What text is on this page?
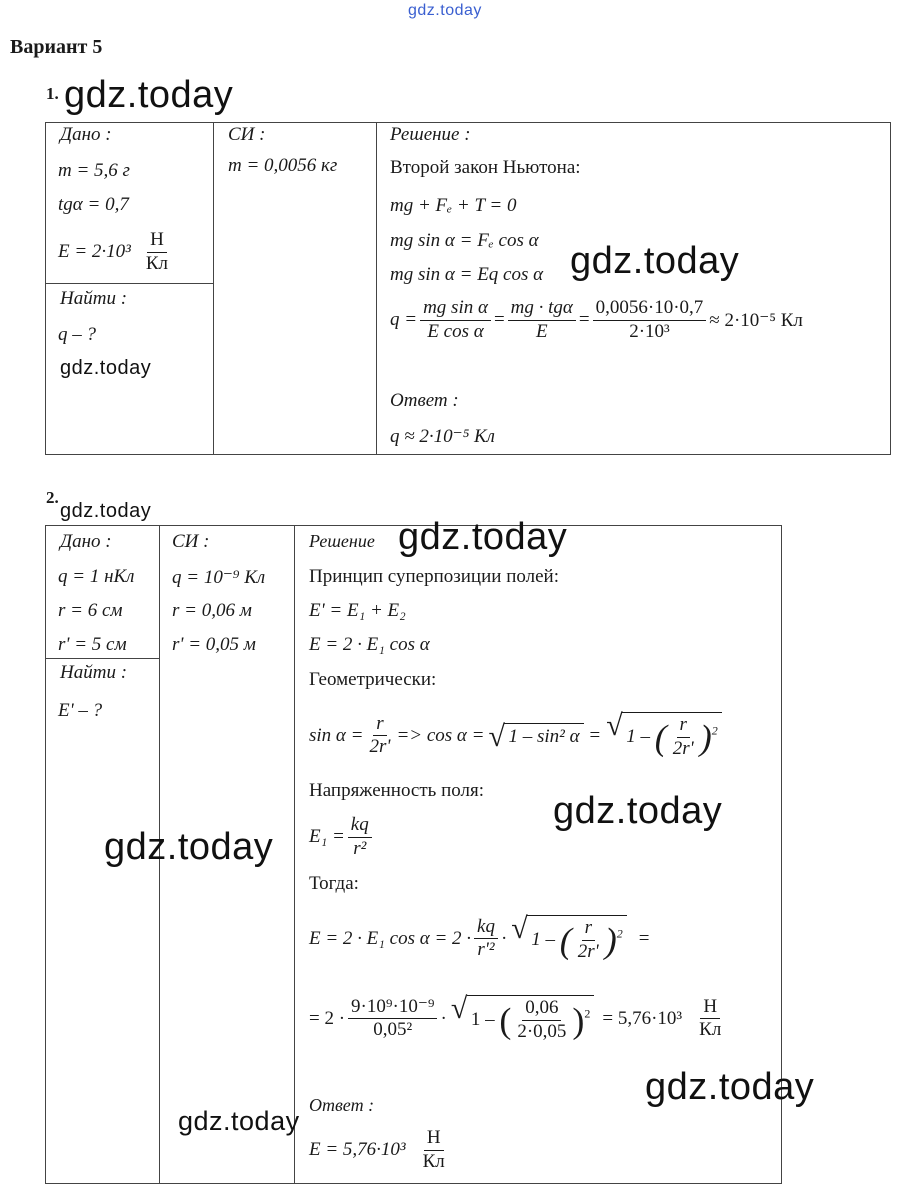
gdz.today
Вариант 5
1. gdz.today
Дано :
m = 5,6 г
tgα = 0,7
$E = 2\cdot 10^3 \frac{Н}{Кл}$
Найти :
q – ?
gdz.today
СИ :
m = 0,0056 кг
Решение :
Второй закон Ньютона:
mg + Fₑ + T = 0
mg sin α = Fₑ cos α
mg sin α = Eq cos α gdz.today
$q = \frac{\text{mg sin α}}{\text{E cos α}} = \frac{\text{mg · tgα}}{E} = \frac{0,0056\cdot 10\cdot 0,7}{\text{2·10³}} \approx 2\cdot 10^{-5}$ Кл
Ответ :
q ≈ 2·10⁻⁵ Кл
2.
gdz.today
Дано :
q = 1 нКл
r = 6 см
r' = 5 см
Найти :
E' – ?
СИ :
q = 10⁻⁹ Кл
r = 0,06 м
r' = 0,05 м
Решение gdz.today
Принцип суперпозиции полей:
E' = E₁ + E₂
E = 2 · E₁ cos α
Геометрически:
$\sin \alpha = \frac{r}{2r'} => \cos \alpha$ = √ 1 – sin² α = √ 1 – ( $\frac{r}{2r'} )^2$
Напряженность поля: gdz.today
$E_1 = \frac{kq}{\text{r²}}$
gdz.today
Тогда:
E = 2 · E₁ $\cos \alpha = 2 \cdot \frac{kq}{\text{r'²}}$ · √ 1 – ( $\frac{r}{2r'} )^2$ =
= $2 \cdot \frac{\text{9·10⁹·10⁻⁹}}{\text{0,05²}}$ · √ 1 – ( $\frac{0,06}{2\cdot 0,05} )^2 = 5,76\cdot 10^3 \frac{Н}{Кл}$
gdz.today
Ответ :
gdz.today
$E = 5,76\cdot 10^3 \frac{Н}{Кл}$
